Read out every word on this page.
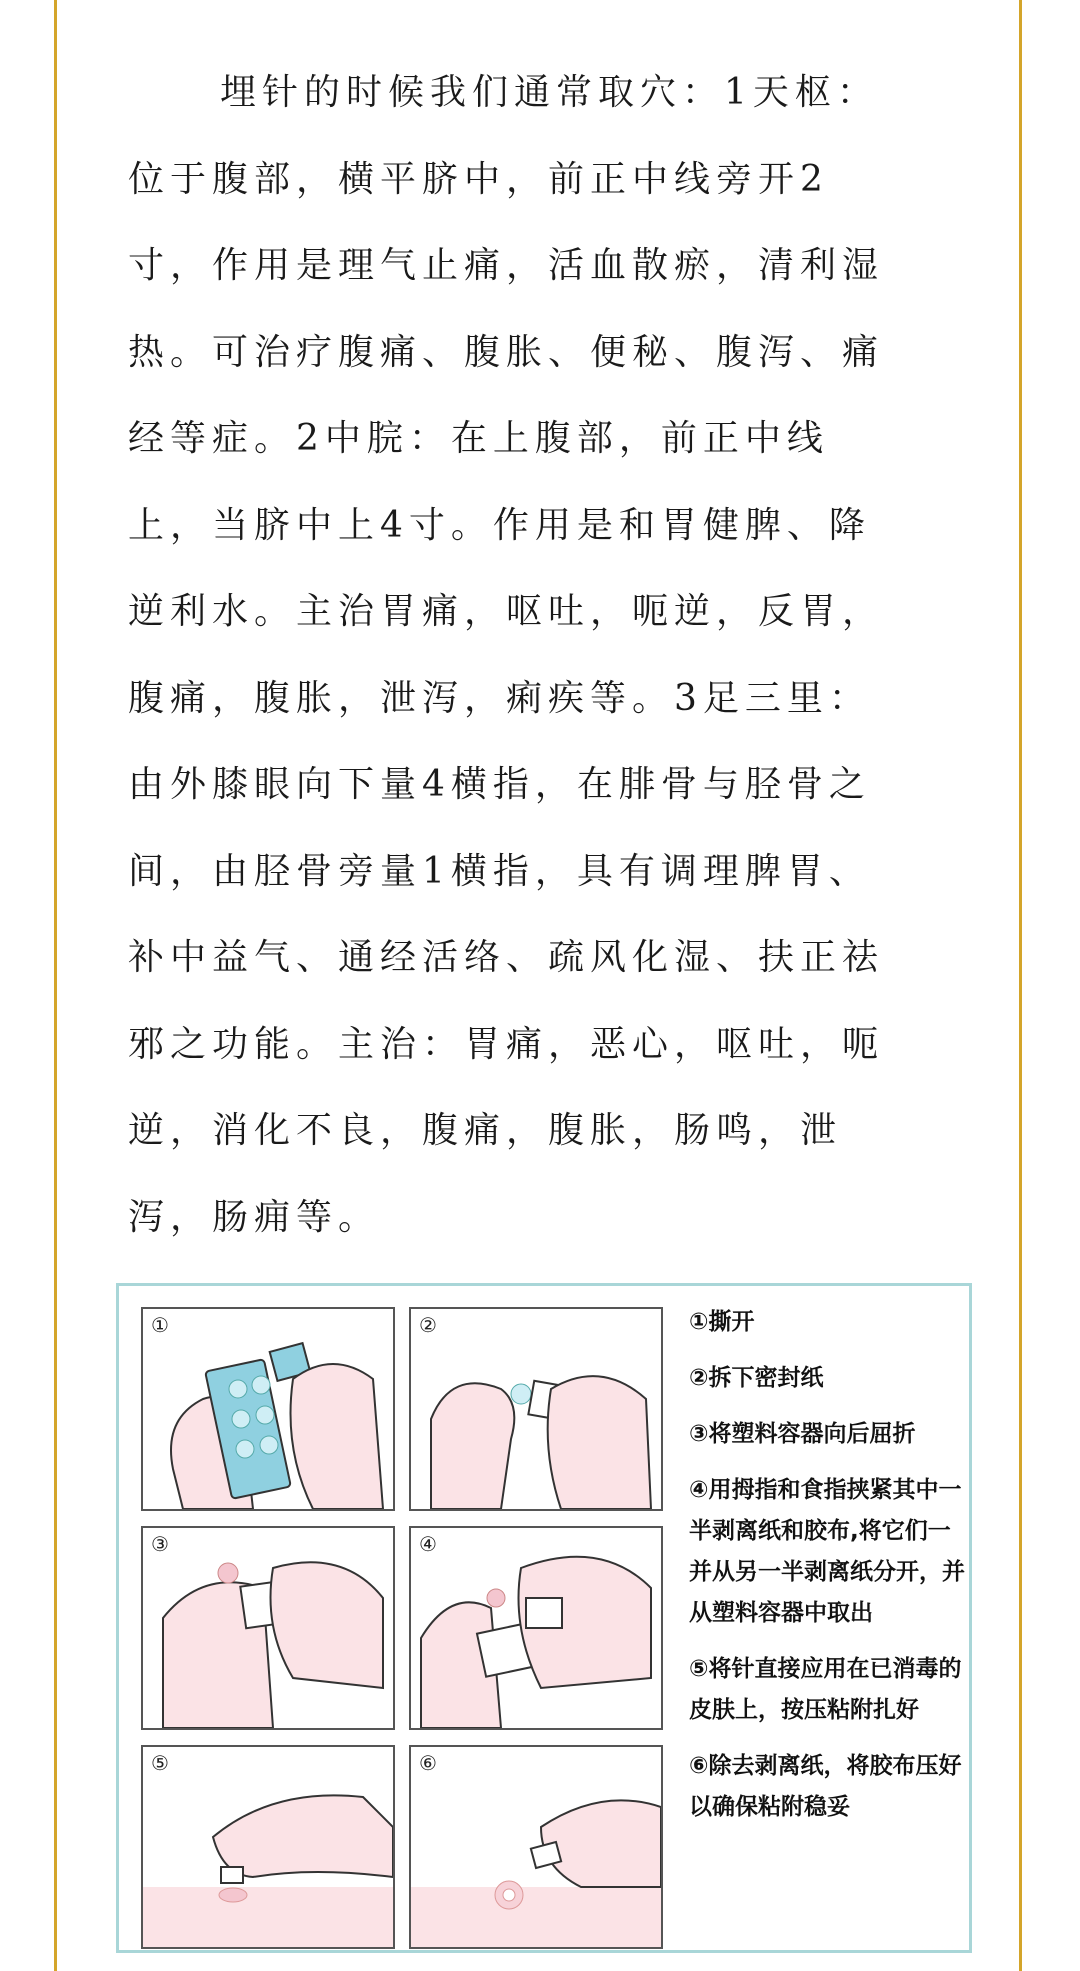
埋针的时候我们通常取穴：1天枢：
位于腹部，横平脐中，前正中线旁开2
寸，作用是理气止痛，活血散瘀，清利湿
热。可治疗腹痛、腹胀、便秘、腹泻、痛
经等症。2中脘：在上腹部，前正中线
上，当脐中上4寸。作用是和胃健脾、降
逆利水。主治胃痛，呕吐，呃逆，反胃，
腹痛，腹胀，泄泻，痢疾等。3足三里：
由外膝眼向下量4横指，在腓骨与胫骨之
间，由胫骨旁量1横指，具有调理脾胃、
补中益气、通经活络、疏风化湿、扶正祛
邪之功能。主治：胃痛，恶心，呕吐，呃
逆，消化不良，腹痛，腹胀，肠鸣，泄
泻，肠痈等。
①	②
③	④
⑤	⑥
①撕开
②拆下密封纸
③将塑料容器向后屈折
④用拇指和食指挟紧其中一半剥离纸和胶布,将它们一并从另一半剥离纸分开，并从塑料容器中取出
⑤将针直接应用在已消毒的皮肤上，按压粘附扎好
⑥除去剥离纸，将胶布压好以确保粘附稳妥
